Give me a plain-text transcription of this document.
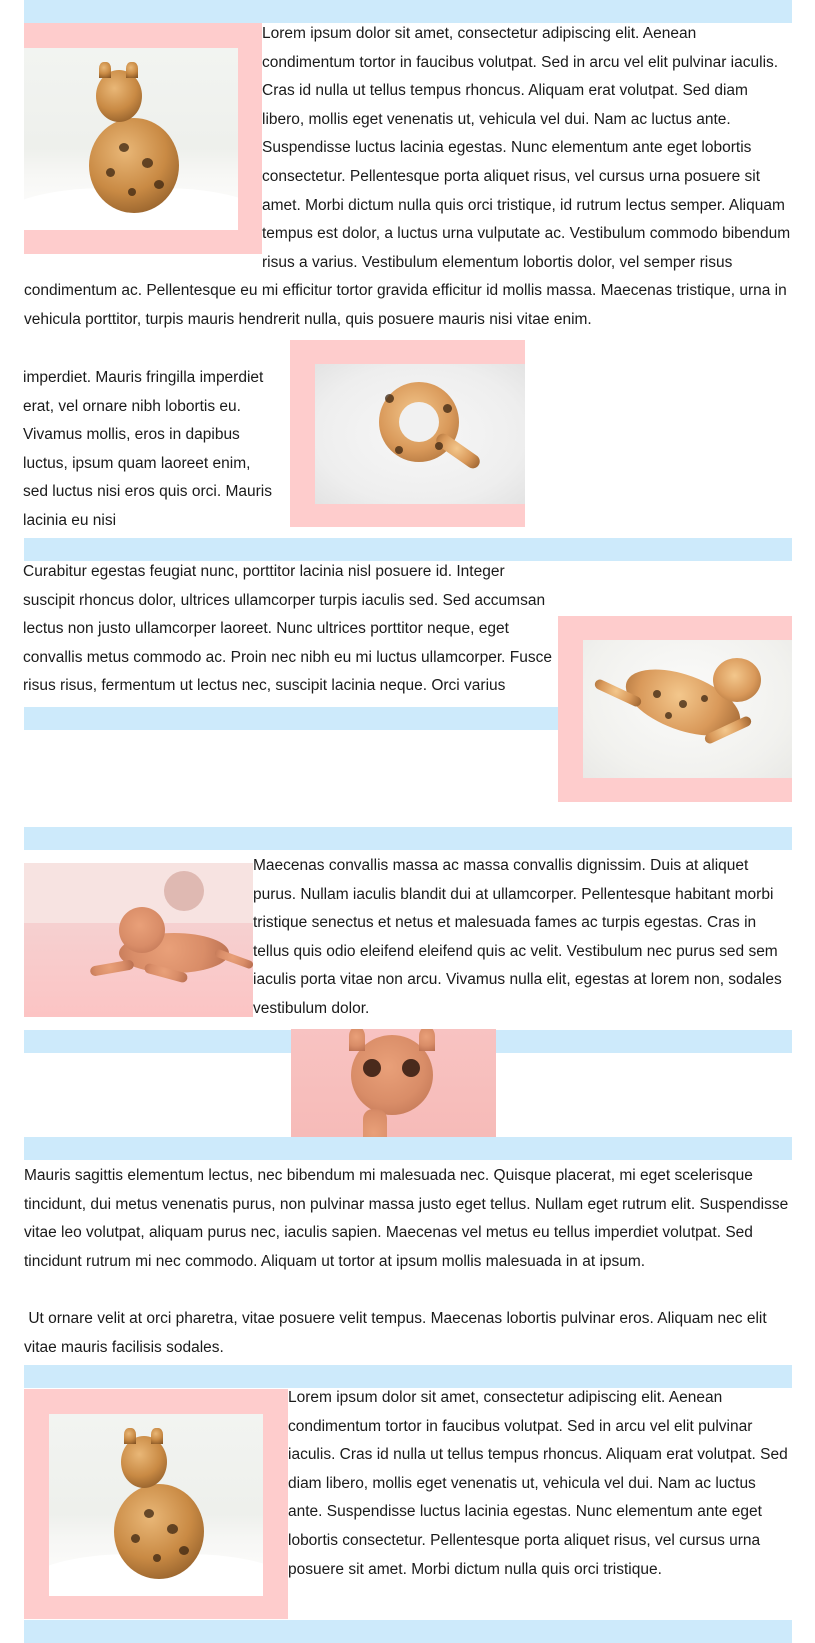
Lorem ipsum dolor sit amet, consectetur adipiscing elit. Aenean condimentum tortor in faucibus volutpat. Sed in arcu vel elit pulvinar iaculis. Cras id nulla ut tellus tempus rhoncus. Aliquam erat volutpat. Sed diam libero, mollis eget venenatis ut, vehicula vel dui. Nam ac luctus ante. Suspendisse luctus lacinia egestas. Nunc elementum ante eget lobortis consectetur. Pellentesque porta aliquet risus, vel cursus urna posuere sit amet. Morbi dictum nulla quis orci tristique, id rutrum lectus semper. Aliquam tempus est dolor, a luctus urna vulputate ac. Vestibulum commodo bibendum risus a varius. Vestibulum elementum lobortis dolor, vel semper risus condimentum ac. Pellentesque eu mi efficitur tortor gravida efficitur id mollis massa. Maecenas tristique, urna in vehicula porttitor, turpis mauris hendrerit nulla, quis posuere mauris nisi vitae enim.

imperdiet. Mauris fringilla imperdiet erat, vel ornare nibh lobortis eu. Vivamus mollis, eros in dapibus luctus, ipsum quam laoreet enim, sed luctus nisi eros quis orci. Mauris lacinia eu nisi

Curabitur egestas feugiat nunc, porttitor lacinia nisl posuere id. Integer suscipit rhoncus dolor, ultrices ullamcorper turpis iaculis sed. Sed accumsan lectus non justo ullamcorper laoreet. Nunc ultrices porttitor neque, eget convallis metus commodo ac. Proin nec nibh eu mi luctus ullamcorper. Fusce risus risus, fermentum ut lectus nec, suscipit lacinia neque. Orci varius

Maecenas convallis massa ac massa convallis dignissim. Duis at aliquet purus. Nullam iaculis blandit dui at ullamcorper. Pellentesque habitant morbi tristique senectus et netus et malesuada fames ac turpis egestas. Cras in tellus quis odio eleifend eleifend quis ac velit. Vestibulum nec purus sed sem iaculis porta vitae non arcu. Vivamus nulla elit, egestas at lorem non, sodales vestibulum dolor.

Mauris sagittis elementum lectus, nec bibendum mi malesuada nec. Quisque placerat, mi eget scelerisque tincidunt, dui metus venenatis purus, non pulvinar massa justo eget tellus. Nullam eget rutrum elit. Suspendisse vitae leo volutpat, aliquam purus nec, iaculis sapien. Maecenas vel metus eu tellus imperdiet volutpat. Sed tincidunt rutrum mi nec commodo. Aliquam ut tortor at ipsum mollis malesuada in at ipsum.

Ut ornare velit at orci pharetra, vitae posuere velit tempus. Maecenas lobortis pulvinar eros. Aliquam nec elit vitae mauris facilisis sodales.

Lorem ipsum dolor sit amet, consectetur adipiscing elit. Aenean condimentum tortor in faucibus volutpat. Sed in arcu vel elit pulvinar iaculis. Cras id nulla ut tellus tempus rhoncus. Aliquam erat volutpat. Sed diam libero, mollis eget venenatis ut, vehicula vel dui. Nam ac luctus ante. Suspendisse luctus lacinia egestas. Nunc elementum ante eget lobortis consectetur. Pellentesque porta aliquet risus, vel cursus urna posuere sit amet. Morbi dictum nulla quis orci tristique.
